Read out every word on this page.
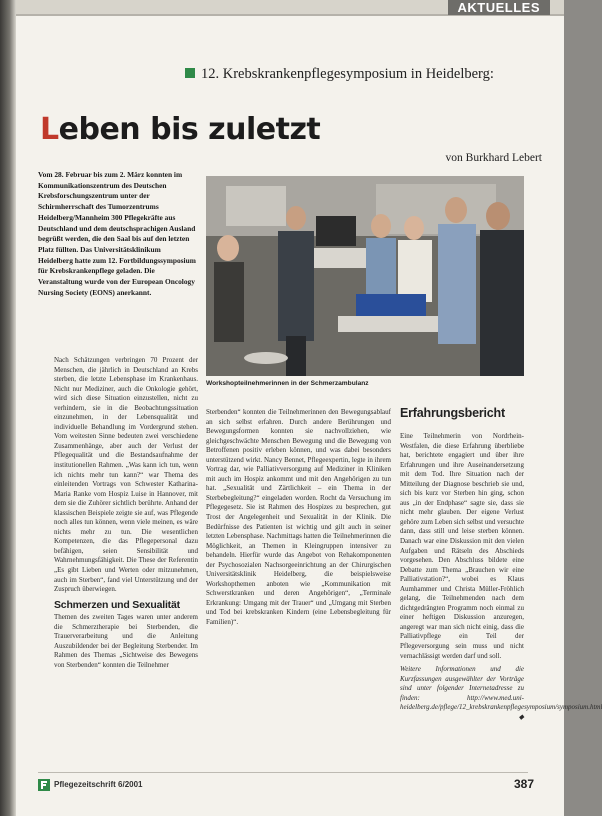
AKTUELLES
12. Krebskrankenpflegesymposium in Heidelberg:
Leben bis zuletzt
von Burkhard Lebert
Vom 28. Februar bis zum 2. März konnten im Kommunikationszentrum des Deutschen Krebsforschungszentrum unter der Schirmherrschaft des Tumorzentrums Heidelberg/Mannheim 300 Pflegekräfte aus Deutschland und dem deutschsprachigen Ausland begrüßt werden, die den Saal bis auf den letzten Platz füllten. Das Universitätsklinikum Heidelberg hatte zum 12. Fortbildungssymposium für Krebskrankenpflege geladen. Die Veranstaltung wurde von der European Oncology Nursing Society (EONS) anerkannt.
Workshopteilnehmerinnen in der Schmerzambulanz

Nach Schätzungen verbringen 70 Prozent der Menschen, die jährlich in Deutschland an Krebs sterben, die letzte Lebensphase im Krankenhaus. Nicht nur Mediziner, auch die Onkologie gehört, wird sich diese Situation einzustellen, nicht zu verhindern, sie in die Beobachtungssituation einzunehmen, in der Lebensqualität und individuelle Behandlung im Vordergrund stehen. Vom weitesten Sinne bedeuten zwei verschiedene Zusammenhänge, aber auch der Verlust der Pflegequalität und die Bestandsaufnahme der institutionellen Rahmen. „Was kann ich tun, wenn ich nichts mehr tun kann?“ war Thema des einleitenden Vortrags von Schwester Katharina-Maria Ranke vom Hospiz Luise in Hannover, mit dem sie die Zuhörer sichtlich berührte. Anhand der klassischen Beispiele zeigte sie auf, was Pflegende noch alles tun können, wenn viele meinen, es wäre nichts mehr zu tun. Die wesentlichen Kompetenzen, die das Pflegepersonal dazu befähigen, seien Sensibilität und Wahrnehmungsfähigkeit. Die These der Referentin „Es gibt Lieben und Werten oder mitzunehmen, auch im Sterben“, fand viel Unterstützung und der Zuspruch überwiegen.

Schmerzen und Sexualität

Themen des zweiten Tages waren unter anderem die Schmerztherapie bei Sterbenden, die Trauerverarbeitung und die Anleitung Auszubildender bei der Begleitung Sterbender. Im Rahmen des Themas „Sichtweise des Bewegens von Sterbenden“ konnten die Teilnehmer

Sterbenden“ konnten die Teilnehmerinnen den Bewegungsablauf an sich selbst erfahren. Durch andere Berührungen und Bewegungsformen konnten sie nachvollziehen, wie gleichgeschwächte Menschen Bewegung und die Bewegung von Betroffenen positiv erleben können, und was dabei besonders unterstützend wirkt. Nancy Bennet, Pflegeexpertin, legte in ihrem Vortrag dar, wie Palliativversorgung auf Mediziner in Kliniken mit auch im Hospiz ankommt und mit den Angehörigen zu tun hat. „Sexualität und Zärtlichkeit – ein Thema in der Sterbebegleitung?“ eingeladen worden. Rocht da Versuchung im Pflegegesetz. Sie ist Rahmen des Hospizes zu besprechen, gut Trost der Angelegenheit und Sexualität in der Klinik. Die Bedürfnisse des Patienten ist wichtig und gilt auch in seiner letzten Lebensphase. Nachmittags hatten die Teilnehmerinnen die Möglichkeit, an Themen in Kleingruppen intensiver zu behandeln. Hierfür wurde das Angebot von Rehakomponenten der Psychosozialen Nachsorgeeinrichtung an der Chirurgischen Universitätsklinik Heidelberg, die beispielsweise Workshopthemen anboten wie „Kommunikation mit Schwerstkranken und deren Angehörigen“, „Terminale Erkrankung: Umgang mit der Trauer“ und „Umgang mit Sterben und Tod bei krebskranken Kindern (eine Lebensbegleitung für Familien)“.

Erfahrungsbericht

Eine Teilnehmerin von Nordrhein-Westfalen, die diese Erfahrung überbliebe hat, berichtete engagiert und über ihre Erfahrungen und ihre Auseinandersetzung mit dem Tod. Ihre Situation nach der Mitteilung der Diagnose beschrieb sie und, sich bis kurz vor Sterben hin ging, schon aus „in der Endphase“ sagte sie, dass sie nicht mehr glauben. Der eigene Verlust gehöre zum Leben sich selbst und versuchte dann, dass still und leise sterben können. Danach war eine Diskussion mit den vielen Aufgaben und Rätseln des Abschieds vorgesehen. Den Abschluss bildete eine Debatte zum Thema „Brauchen wir eine Palliativstation?“, wobei es Klaus Aumhammer und Christa Müller-Fröhlich gelang, die Teilnehmenden nach dem dichtgedrängten Programm noch einmal zu einer heftigen Diskussion anzuregen, angeregt war man sich nicht einig, dass die Palliativpflege ein Teil der Pflegeversorgung sein muss und nicht vernachlässigt werden darf und soll.

Weitere Informationen und die Kurzfassungen ausgewählter der Vorträge sind unter folgender Internetadresse zu finden: http://www.med.uni-heidelberg.de/pflege/12_krebskrankenpflegesymposium/symposium.html
◆

Pflegezeitschrift 6/2001	387
